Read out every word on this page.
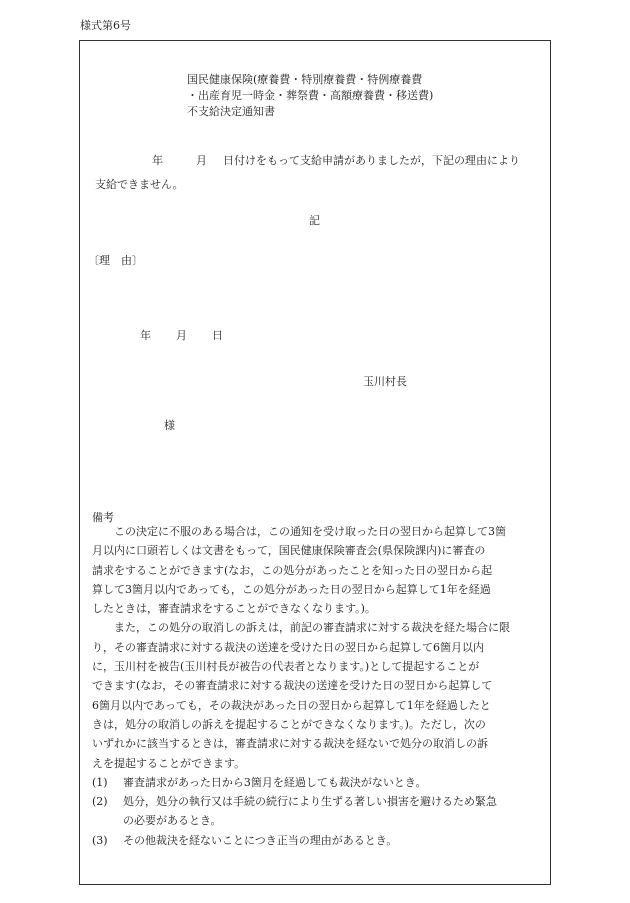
様式第6号
国民健康保険(療養費・特別療養費・特例療養費
・出産育児一時金・葬祭費・高額療養費・移送費)
不支給決定通知書
年	月 日付けをもって支給申請がありましたが，下記の理由により
支給できません。
記
〔理　由〕
年 月 日
玉川村長
様
備考
この決定に不服のある場合は，この通知を受け取った日の翌日から起算して3箇
月以内に口頭若しくは文書をもって，国民健康保険審査会(県保険課内)に審査の
請求をすることができます(なお，この処分があったことを知った日の翌日から起
算して3箇月以内であっても，この処分があった日の翌日から起算して1年を経過
したときは，審査請求をすることができなくなります。)。
また，この処分の取消しの訴えは，前記の審査請求に対する裁決を経た場合に限
り，その審査請求に対する裁決の送達を受けた日の翌日から起算して6箇月以内
に，玉川村を被告(玉川村長が被告の代表者となります。)として提起することが
できます(なお，その審査請求に対する裁決の送達を受けた日の翌日から起算して
6箇月以内であっても，その裁決があった日の翌日から起算して1年を経過したと
きは，処分の取消しの訴えを提起することができなくなります。)。ただし，次の
いずれかに該当するときは，審査請求に対する裁決を経ないで処分の取消しの訴
えを提起することができます。
(1) 審査請求があった日から3箇月を経過しても裁決がないとき。
(2) 処分，処分の執行又は手続の続行により生ずる著しい損害を避けるため緊急
の必要があるとき。
(3) その他裁決を経ないことにつき正当の理由があるとき。
